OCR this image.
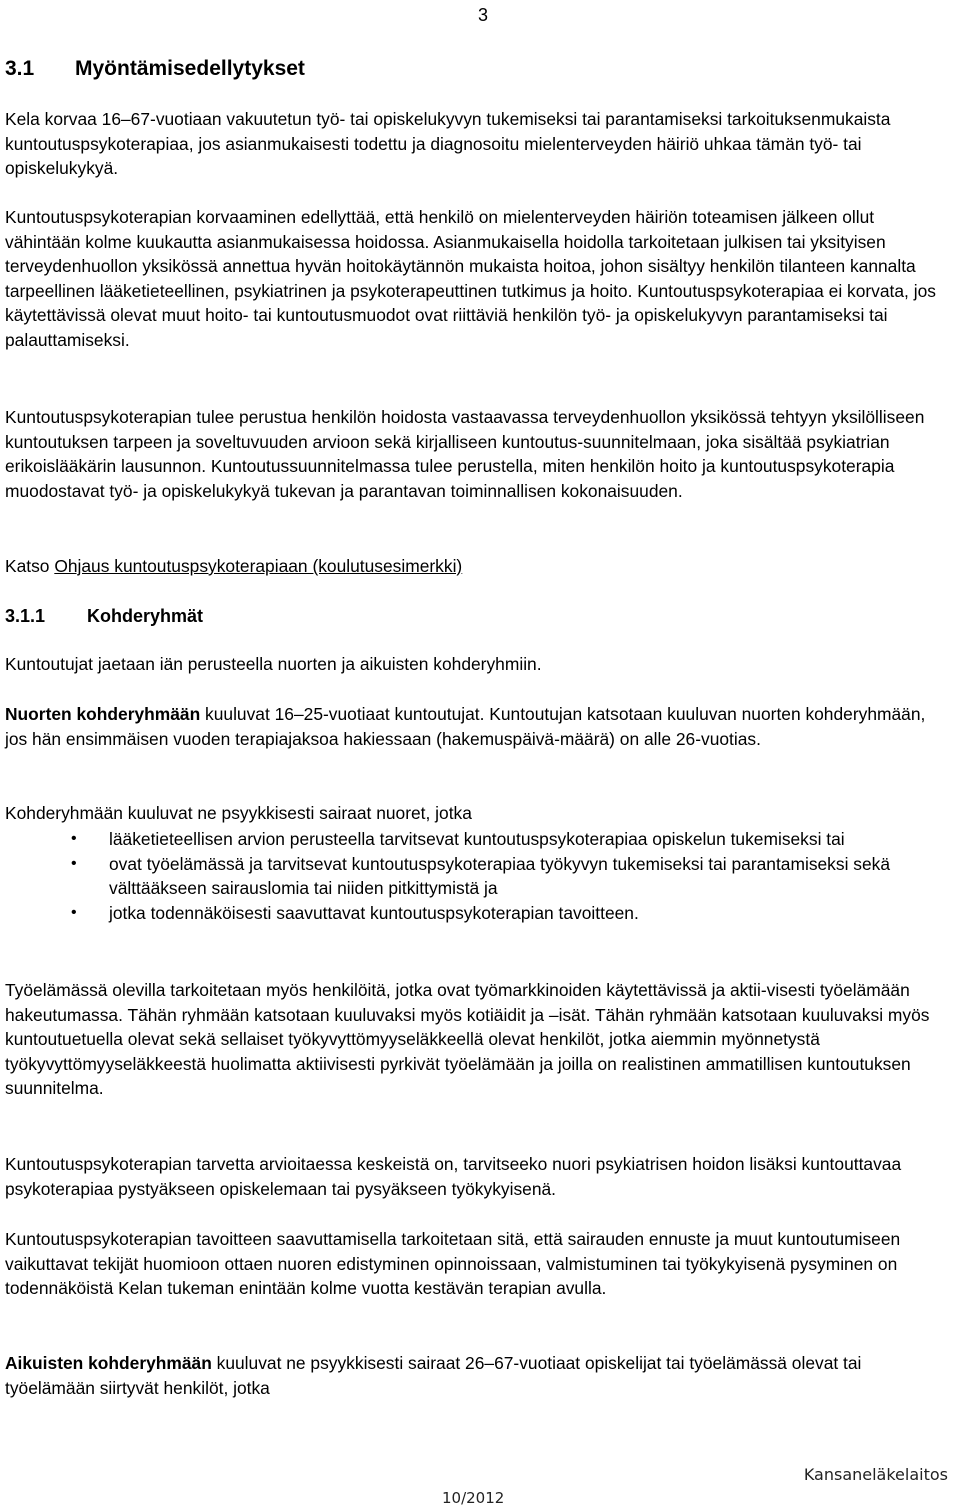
3
3.1 Myöntämisedellytykset

Kela korvaa 16–67-vuotiaan vakuutetun työ- tai opiskelukyvyn tukemiseksi tai parantamiseksi tarkoituksenmukaista kuntoutuspsykoterapiaa, jos asianmukaisesti todettu ja diagnosoitu mielenterveyden häiriö uhkaa tämän työ- tai opiskelukykyä.

Kuntoutuspsykoterapian korvaaminen edellyttää, että henkilö on mielenterveyden häiriön toteamisen jälkeen ollut vähintään kolme kuukautta asianmukaisessa hoidossa. Asianmukaisella hoidolla tarkoitetaan julkisen tai yksityisen terveydenhuollon yksikössä annettua hyvän hoitokäytännön mukaista hoitoa, johon sisältyy henkilön tilanteen kannalta tarpeellinen lääketieteellinen, psykiatrinen ja psykoterapeuttinen tutkimus ja hoito. Kuntoutuspsykoterapiaa ei korvata, jos käytettävissä olevat muut hoito- tai kuntoutusmuodot ovat riittäviä henkilön työ- ja opiskelukyvyn parantamiseksi tai palauttamiseksi.

Kuntoutuspsykoterapian tulee perustua henkilön hoidosta vastaavassa terveydenhuollon yksikössä tehtyyn yksilölliseen kuntoutuksen tarpeen ja soveltuvuuden arvioon sekä kirjalliseen kuntoutus-suunnitelmaan, joka sisältää psykiatrian erikoislääkärin lausunnon. Kuntoutussuunnitelmassa tulee perustella, miten henkilön hoito ja kuntoutuspsykoterapia muodostavat työ- ja opiskelukykyä tukevan ja parantavan toiminnallisen kokonaisuuden.

Katso Ohjaus kuntoutuspsykoterapiaan (koulutusesimerkki)

3.1.1 Kohderyhmät

Kuntoutujat jaetaan iän perusteella nuorten ja aikuisten kohderyhmiin.

Nuorten kohderyhmään kuuluvat 16–25-vuotiaat kuntoutujat. Kuntoutujan katsotaan kuuluvan nuorten kohderyhmään, jos hän ensimmäisen vuoden terapiajaksoa hakiessaan (hakemuspäivä-määrä) on alle 26-vuotias.

Kohderyhmään kuuluvat ne psyykkisesti sairaat nuoret, jotka

• lääketieteellisen arvion perusteella tarvitsevat kuntoutuspsykoterapiaa opiskelun tukemiseksi tai
• ovat työelämässä ja tarvitsevat kuntoutuspsykoterapiaa työkyvyn tukemiseksi tai parantamiseksi sekä välttääkseen sairauslomia tai niiden pitkittymistä ja
• jotka todennäköisesti saavuttavat kuntoutuspsykoterapian tavoitteen.

Työelämässä olevilla tarkoitetaan myös henkilöitä, jotka ovat työmarkkinoiden käytettävissä ja aktii-visesti työelämään hakeutumassa. Tähän ryhmään katsotaan kuuluvaksi myös kotiäidit ja –isät. Tähän ryhmään katsotaan kuuluvaksi myös kuntoutuetuella olevat sekä sellaiset työkyvyttömyyseläkkeellä olevat henkilöt, jotka aiemmin myönnetystä työkyvyttömyyseläkkeestä huolimatta aktiivisesti pyrkivät työelämään ja joilla on realistinen ammatillisen kuntoutuksen suunnitelma.

Kuntoutuspsykoterapian tarvetta arvioitaessa keskeistä on, tarvitseeko nuori psykiatrisen hoidon lisäksi kuntouttavaa psykoterapiaa pystyäkseen opiskelemaan tai pysyäkseen työkykyisenä.

Kuntoutuspsykoterapian tavoitteen saavuttamisella tarkoitetaan sitä, että sairauden ennuste ja muut kuntoutumiseen vaikuttavat tekijät huomioon ottaen nuoren edistyminen opinnoissaan, valmistuminen tai työkykyisenä pysyminen on todennäköistä Kelan tukeman enintään kolme vuotta kestävän terapian avulla.

Aikuisten kohderyhmään kuuluvat ne psyykkisesti sairaat 26–67-vuotiaat opiskelijat tai työelämässä olevat tai työelämään siirtyvät henkilöt, jotka

Kansaneläkelaitos
10/2012
